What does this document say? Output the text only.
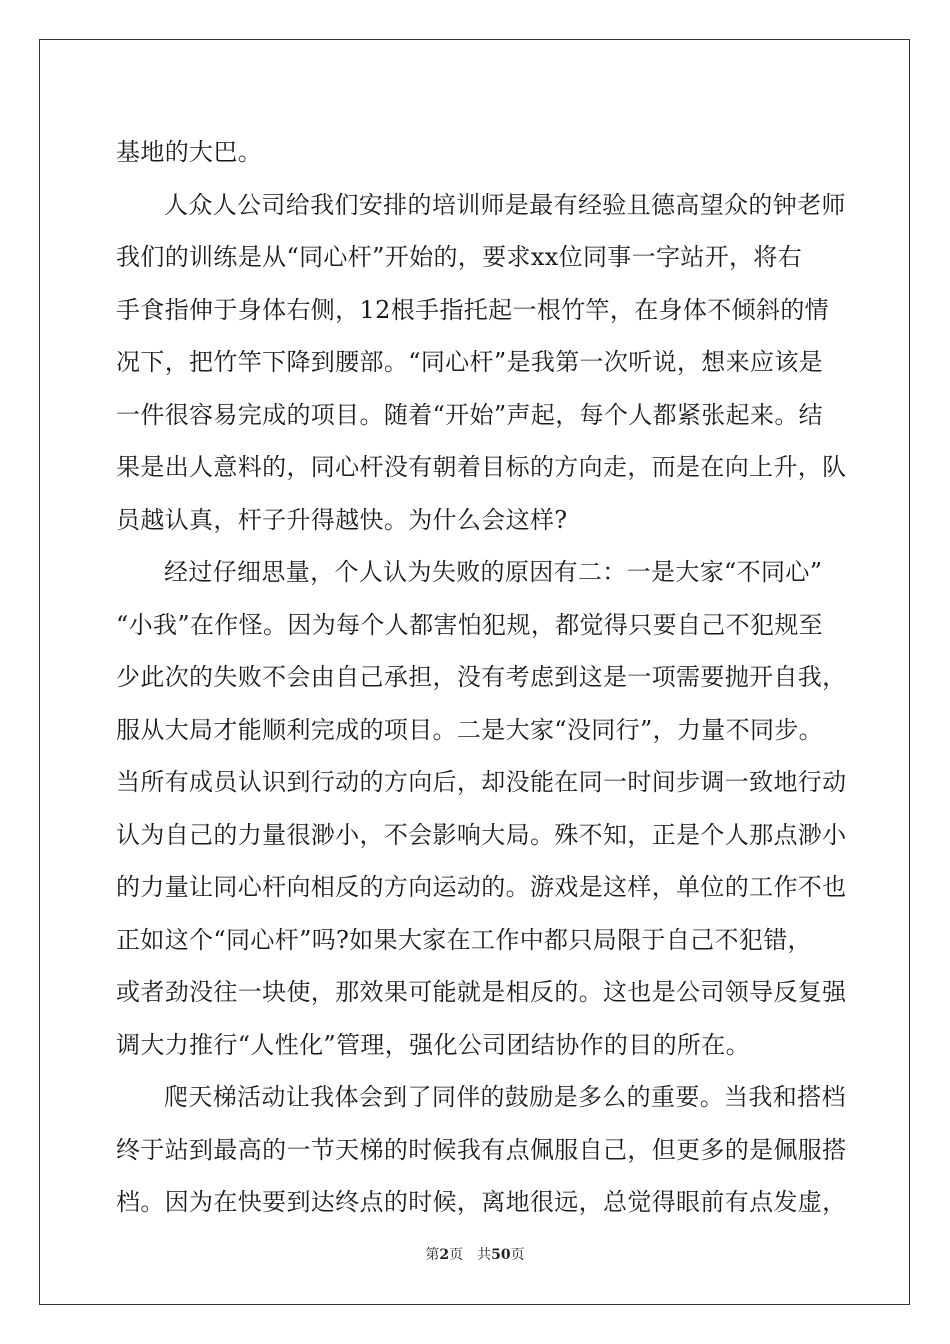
基地的大巴。
人众人公司给我们安排的培训师是最有经验且德高望众的钟老师
我们的训练是从“同心杆”开始的，要求xx位同事一字站开，将右
手食指伸于身体右侧，12根手指托起一根竹竿，在身体不倾斜的情
况下，把竹竿下降到腰部。“同心杆”是我第一次听说，想来应该是
一件很容易完成的项目。随着“开始”声起，每个人都紧张起来。结
果是出人意料的，同心杆没有朝着目标的方向走，而是在向上升，队
员越认真，杆子升得越快。为什么会这样?
经过仔细思量，个人认为失败的原因有二：一是大家“不同心”
“小我”在作怪。因为每个人都害怕犯规，都觉得只要自己不犯规至
少此次的失败不会由自己承担，没有考虑到这是一项需要抛开自我，
服从大局才能顺利完成的项目。二是大家“没同行”，力量不同步。
当所有成员认识到行动的方向后，却没能在同一时间步调一致地行动
认为自己的力量很渺小，不会影响大局。殊不知，正是个人那点渺小
的力量让同心杆向相反的方向运动的。游戏是这样，单位的工作不也
正如这个“同心杆”吗?如果大家在工作中都只局限于自己不犯错，
或者劲没往一块使，那效果可能就是相反的。这也是公司领导反复强
调大力推行“人性化”管理，强化公司团结协作的目的所在。
爬天梯活动让我体会到了同伴的鼓励是多么的重要。当我和搭档
终于站到最高的一节天梯的时候我有点佩服自己，但更多的是佩服搭
档。因为在快要到达终点的时候，离地很远，总觉得眼前有点发虚，
第2页 共50页
